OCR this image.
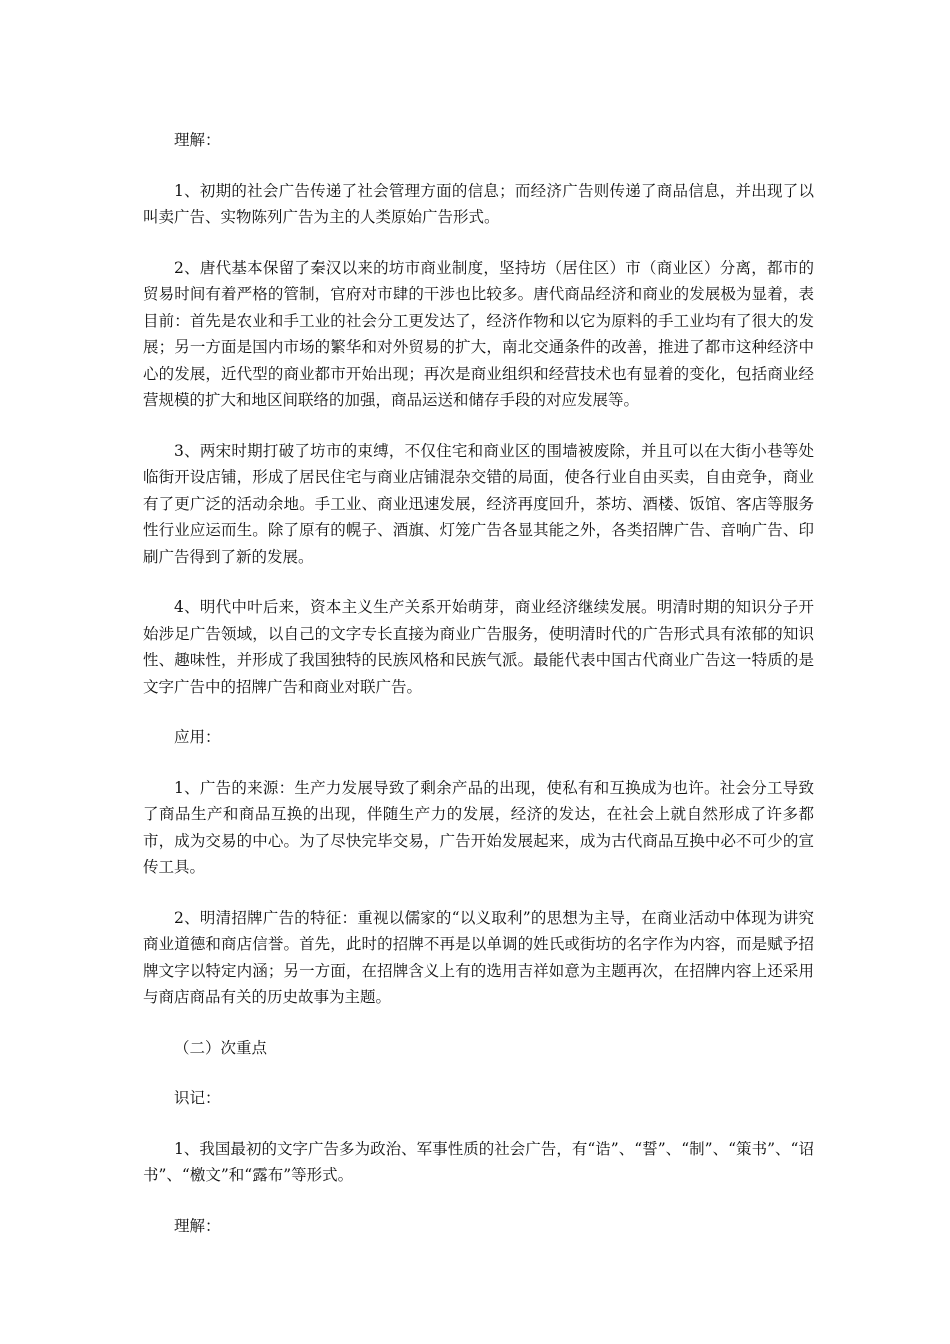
理解：

1、初期的社会广告传递了社会管理方面的信息；而经济广告则传递了商品信息，并出现了以叫卖广告、实物陈列广告为主的人类原始广告形式。

2、唐代基本保留了秦汉以来的坊市商业制度，坚持坊（居住区）市（商业区）分离，都市的贸易时间有着严格的管制，官府对市肆的干涉也比较多。唐代商品经济和商业的发展极为显着，表目前：首先是农业和手工业的社会分工更发达了，经济作物和以它为原料的手工业均有了很大的发展；另一方面是国内市场的繁华和对外贸易的扩大，南北交通条件的改善，推进了都市这种经济中心的发展，近代型的商业都市开始出现；再次是商业组织和经营技术也有显着的变化，包括商业经营规模的扩大和地区间联络的加强，商品运送和储存手段的对应发展等。

3、两宋时期打破了坊市的束缚，不仅住宅和商业区的围墙被废除，并且可以在大街小巷等处临街开设店铺，形成了居民住宅与商业店铺混杂交错的局面，使各行业自由买卖，自由竞争，商业有了更广泛的活动余地。手工业、商业迅速发展，经济再度回升，茶坊、酒楼、饭馆、客店等服务性行业应运而生。除了原有的幌子、酒旗、灯笼广告各显其能之外，各类招牌广告、音响广告、印刷广告得到了新的发展。

4、明代中叶后来，资本主义生产关系开始萌芽，商业经济继续发展。明清时期的知识分子开始涉足广告领域，以自己的文字专长直接为商业广告服务，使明清时代的广告形式具有浓郁的知识性、趣味性，并形成了我国独特的民族风格和民族气派。最能代表中国古代商业广告这一特质的是文字广告中的招牌广告和商业对联广告。

应用：

1、广告的来源：生产力发展导致了剩余产品的出现，使私有和互换成为也许。社会分工导致了商品生产和商品互换的出现，伴随生产力的发展，经济的发达，在社会上就自然形成了许多都市，成为交易的中心。为了尽快完毕交易，广告开始发展起来，成为古代商品互换中必不可少的宣传工具。

2、明清招牌广告的特征：重视以儒家的“以义取利”的思想为主导，在商业活动中体现为讲究商业道德和商店信誉。首先，此时的招牌不再是以单调的姓氏或街坊的名字作为内容，而是赋予招牌文字以特定内涵；另一方面，在招牌含义上有的选用吉祥如意为主题再次，在招牌内容上还采用与商店商品有关的历史故事为主题。

（二）次重点

识记：

1、我国最初的文字广告多为政治、军事性质的社会广告，有“诰”、“誓”、“制”、“策书”、“诏书”、“檄文”和“露布”等形式。

理解：
